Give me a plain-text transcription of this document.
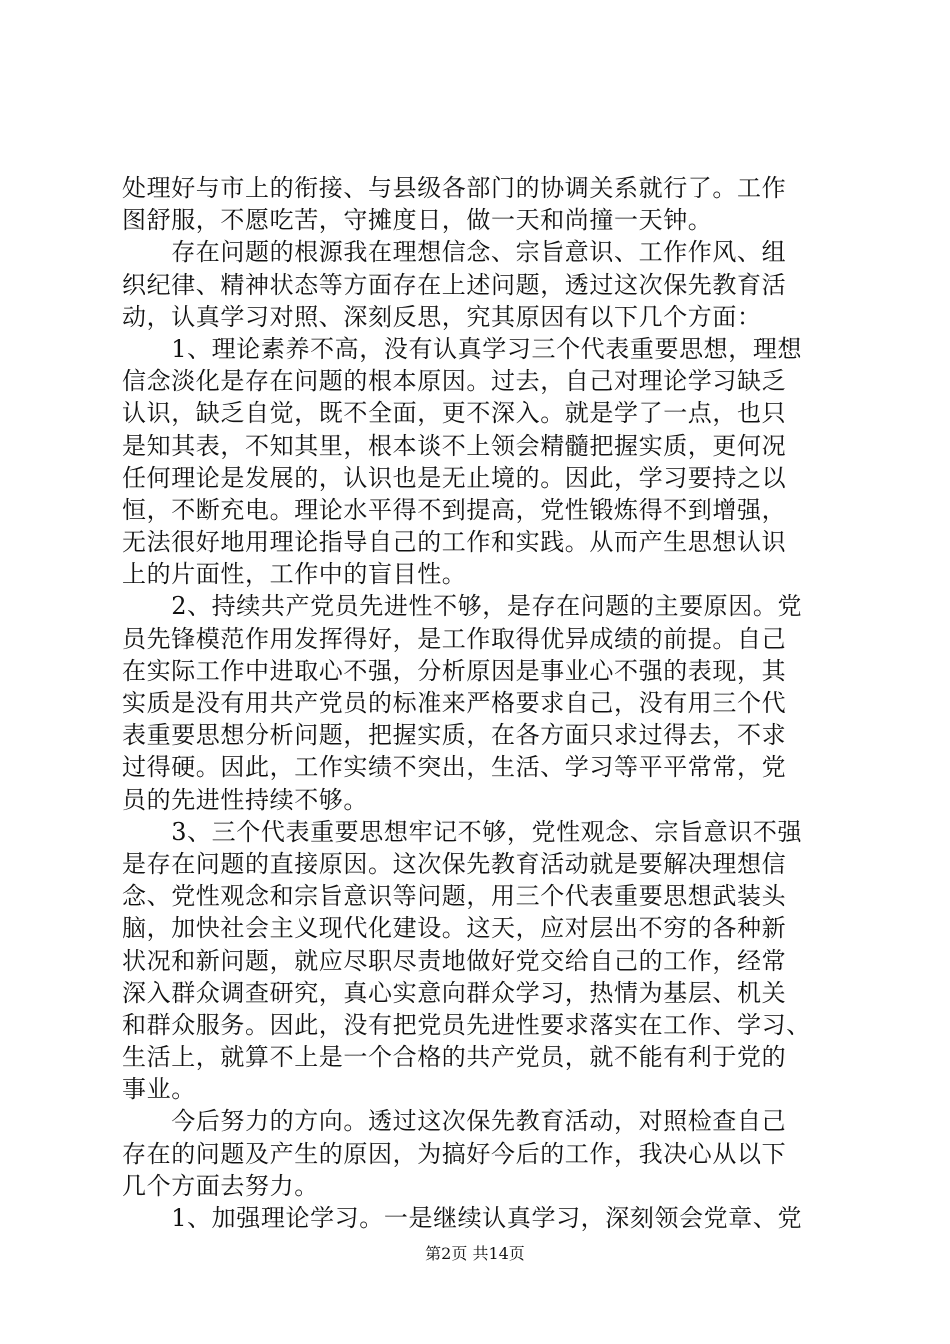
处理好与市上的衔接、与县级各部门的协调关系就行了。工作
图舒服，不愿吃苦，守摊度日，做一天和尚撞一天钟。
　　存在问题的根源我在理想信念、宗旨意识、工作作风、组
织纪律、精神状态等方面存在上述问题，透过这次保先教育活
动，认真学习对照、深刻反思，究其原因有以下几个方面：
　　1、理论素养不高，没有认真学习三个代表重要思想，理想
信念淡化是存在问题的根本原因。过去，自己对理论学习缺乏
认识，缺乏自觉，既不全面，更不深入。就是学了一点，也只
是知其表，不知其里，根本谈不上领会精髓把握实质，更何况
任何理论是发展的，认识也是无止境的。因此，学习要持之以
恒，不断充电。理论水平得不到提高，党性锻炼得不到增强，
无法很好地用理论指导自己的工作和实践。从而产生思想认识
上的片面性，工作中的盲目性。
　　2、持续共产党员先进性不够，是存在问题的主要原因。党
员先锋模范作用发挥得好，是工作取得优异成绩的前提。自己
在实际工作中进取心不强，分析原因是事业心不强的表现，其
实质是没有用共产党员的标准来严格要求自己，没有用三个代
表重要思想分析问题，把握实质，在各方面只求过得去，不求
过得硬。因此，工作实绩不突出，生活、学习等平平常常，党
员的先进性持续不够。
　　3、三个代表重要思想牢记不够，党性观念、宗旨意识不强
是存在问题的直接原因。这次保先教育活动就是要解决理想信
念、党性观念和宗旨意识等问题，用三个代表重要思想武装头
脑，加快社会主义现代化建设。这天，应对层出不穷的各种新
状况和新问题，就应尽职尽责地做好党交给自己的工作，经常
深入群众调查研究，真心实意向群众学习，热情为基层、机关
和群众服务。因此，没有把党员先进性要求落实在工作、学习、
生活上，就算不上是一个合格的共产党员，就不能有利于党的
事业。
　　今后努力的方向。透过这次保先教育活动，对照检查自己
存在的问题及产生的原因，为搞好今后的工作，我决心从以下
几个方面去努力。
　　1、加强理论学习。一是继续认真学习，深刻领会党章、党
第2页 共14页
